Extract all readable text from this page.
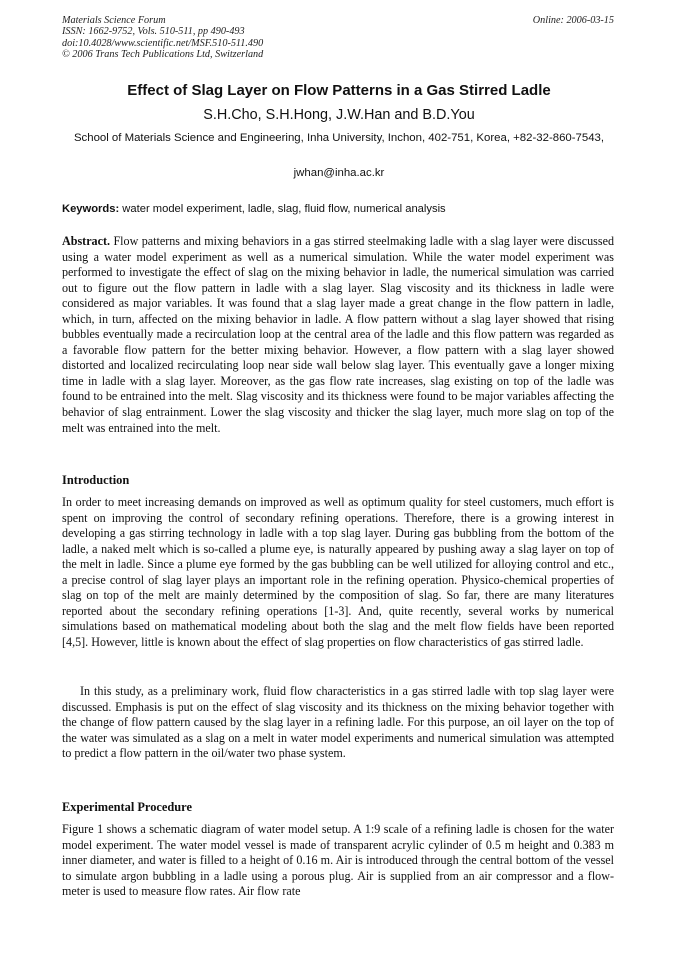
Materials Science Forum
ISSN: 1662-9752, Vols. 510-511, pp 490-493
doi:10.4028/www.scientific.net/MSF.510-511.490
© 2006 Trans Tech Publications Ltd, Switzerland
Online: 2006-03-15
Effect of Slag Layer on Flow Patterns in a Gas Stirred Ladle
S.H.Cho, S.H.Hong, J.W.Han and B.D.You
School of Materials Science and Engineering, Inha University, Inchon, 402-751, Korea, +82-32-860-7543,
jwhan@inha.ac.kr
Keywords: water model experiment, ladle, slag, fluid flow, numerical analysis
Abstract. Flow patterns and mixing behaviors in a gas stirred steelmaking ladle with a slag layer were discussed using a water model experiment as well as a numerical simulation. While the water model experiment was performed to investigate the effect of slag on the mixing behavior in ladle, the numerical simulation was carried out to figure out the flow pattern in ladle with a slag layer. Slag viscosity and its thickness in ladle were considered as major variables. It was found that a slag layer made a great change in the flow pattern in ladle, which, in turn, affected on the mixing behavior in ladle. A flow pattern without a slag layer showed that rising bubbles eventually made a recirculation loop at the central area of the ladle and this flow pattern was regarded as a favorable flow pattern for the better mixing behavior. However, a flow pattern with a slag layer showed distorted and localized recirculating loop near side wall below slag layer. This eventually gave a longer mixing time in ladle with a slag layer. Moreover, as the gas flow rate increases, slag existing on top of the ladle was found to be entrained into the melt. Slag viscosity and its thickness were found to be major variables affecting the behavior of slag entrainment. Lower the slag viscosity and thicker the slag layer, much more slag on top of the melt was entrained into the melt.
Introduction
In order to meet increasing demands on improved as well as optimum quality for steel customers, much effort is spent on improving the control of secondary refining operations. Therefore, there is a growing interest in developing a gas stirring technology in ladle with a top slag layer. During gas bubbling from the bottom of the ladle, a naked melt which is so-called a plume eye, is naturally appeared by pushing away a slag layer on top of the melt in ladle. Since a plume eye formed by the gas bubbling can be well utilized for alloying control and etc., a precise control of slag layer plays an important role in the refining operation. Physico-chemical properties of slag on top of the melt are mainly determined by the composition of slag. So far, there are many literatures reported about the secondary refining operations [1-3]. And, quite recently, several works by numerical simulations based on mathematical modeling about both the slag and the melt flow fields have been reported [4,5]. However, little is known about the effect of slag properties on flow characteristics of gas stirred ladle.
In this study, as a preliminary work, fluid flow characteristics in a gas stirred ladle with top slag layer were discussed. Emphasis is put on the effect of slag viscosity and its thickness on the mixing behavior together with the change of flow pattern caused by the slag layer in a refining ladle. For this purpose, an oil layer on the top of the water was simulated as a slag on a melt in water model experiments and numerical simulation was attempted to predict a flow pattern in the oil/water two phase system.
Experimental Procedure
Figure 1 shows a schematic diagram of water model setup. A 1:9 scale of a refining ladle is chosen for the water model experiment. The water model vessel is made of transparent acrylic cylinder of 0.5 m height and 0.383 m inner diameter, and water is filled to a height of 0.16 m. Air is introduced through the central bottom of the vessel to simulate argon bubbling in a ladle using a porous plug. Air is supplied from an air compressor and a flow-meter is used to measure flow rates. Air flow rate
